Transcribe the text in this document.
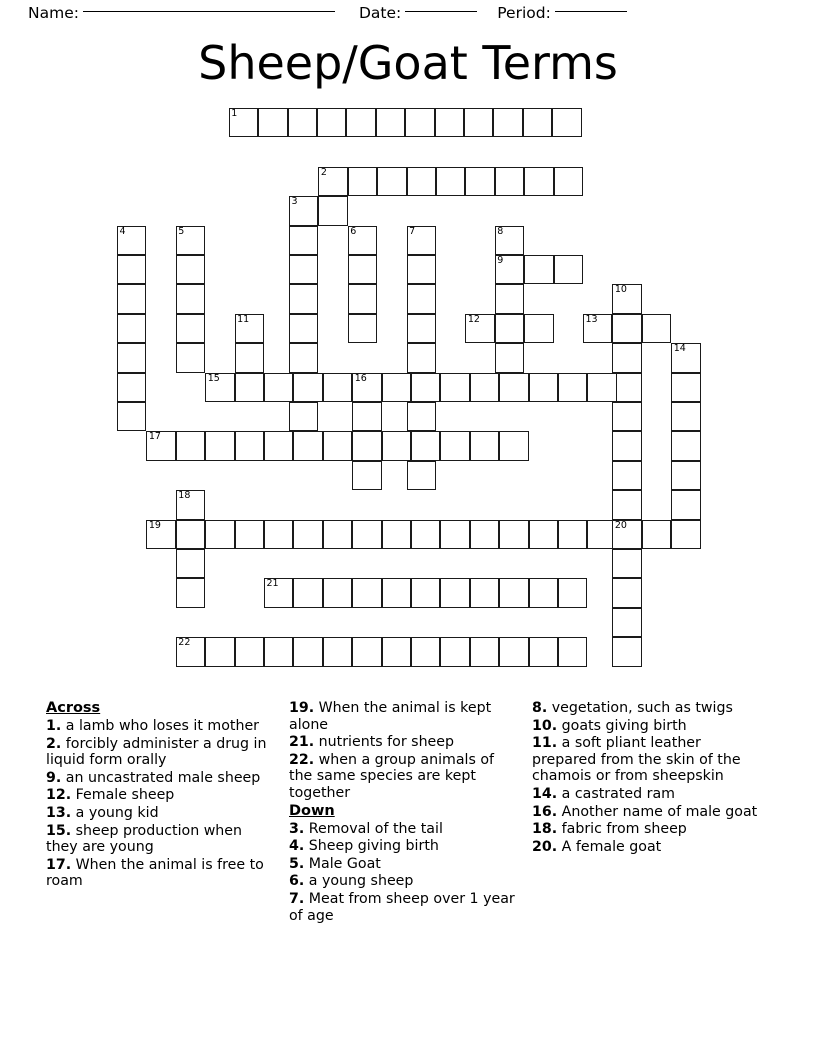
Name:	Date:	Period:
Sheep/Goat Terms
1
2
3
4	5	6	7	8
9
10
11	12	13
14
15	16
17
18
19	20
21
22
Across
1. a lamb who loses it mother
2. forcibly administer a drug in liquid form orally
9. an uncastrated male sheep
12. Female sheep
13. a young kid
15. sheep production when they are young
17. When the animal is free to roam
19. When the animal is kept alone
21. nutrients for sheep
22. when a group animals of the same species are kept together
Down
3. Removal of the tail
4. Sheep giving birth
5. Male Goat
6. a young sheep
7. Meat from sheep over 1 year of age
8. vegetation, such as twigs
10. goats giving birth
11. a soft pliant leather prepared from the skin of the chamois or from sheepskin
14. a castrated ram
16. Another name of male goat
18. fabric from sheep
20. A female goat
